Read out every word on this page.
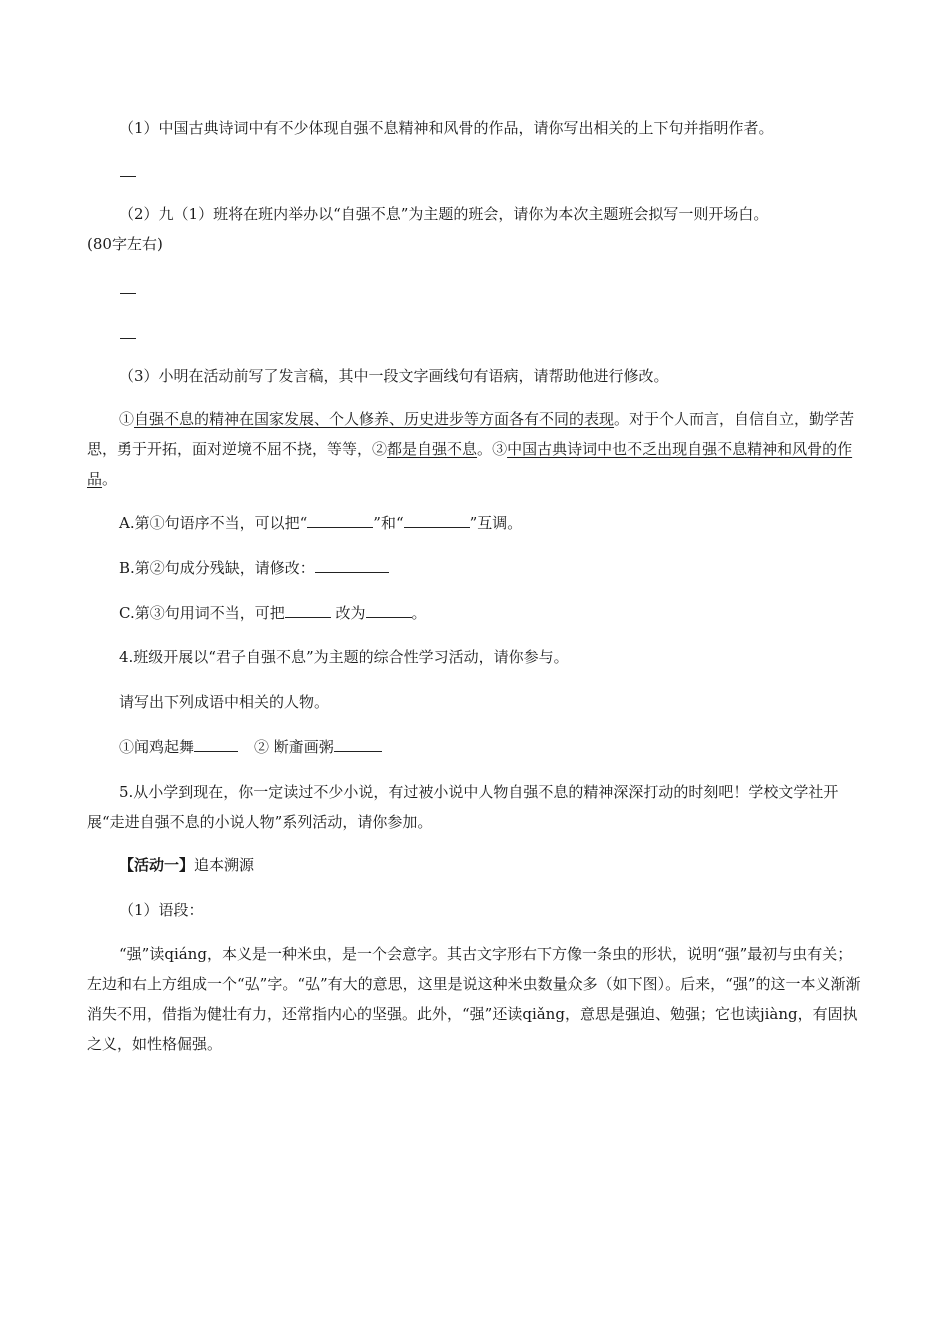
（1）中国古典诗词中有不少体现自强不息精神和风骨的作品，请你写出相关的上下句并指明作者。

（2）九（1）班将在班内举办以“自强不息”为主题的班会，请你为本次主题班会拟写一则开场白。
(80字左右)

（3）小明在活动前写了发言稿，其中一段文字画线句有语病，请帮助他进行修改。

①自强不息的精神在国家发展、个人修养、历史进步等方面各有不同的表现。对于个人而言，自信自立，勤学苦思，勇于开拓，面对逆境不屈不挠，等等，②都是自强不息。③中国古典诗词中也不乏出现自强不息精神和风骨的作品。

A.第①句语序不当，可以把“	”和“	”互调。

B.第②句成分残缺，请修改：

C.第③句用词不当，可把	改为	。

4.班级开展以“君子自强不息”为主题的综合性学习活动，请你参与。

请写出下列成语中相关的人物。

①闻鸡起舞	② 断齑画粥

5.从小学到现在，你一定读过不少小说，有过被小说中人物自强不息的精神深深打动的时刻吧！学校文学社开展“走进自强不息的小说人物”系列活动，请你参加。

【活动一】追本溯源

（1）语段：

“强”读qiáng，本义是一种米虫，是一个会意字。其古文字形右下方像一条虫的形状，说明“强”最初与虫有关；左边和右上方组成一个“弘”字。“弘”有大的意思，这里是说这种米虫数量众多（如下图）。后来，“强”的这一本义渐渐消失不用，借指为健壮有力，还常指内心的坚强。此外，“强”还读qiǎng，意思是强迫、勉强；它也读jiàng，有固执之义，如性格倔强。
